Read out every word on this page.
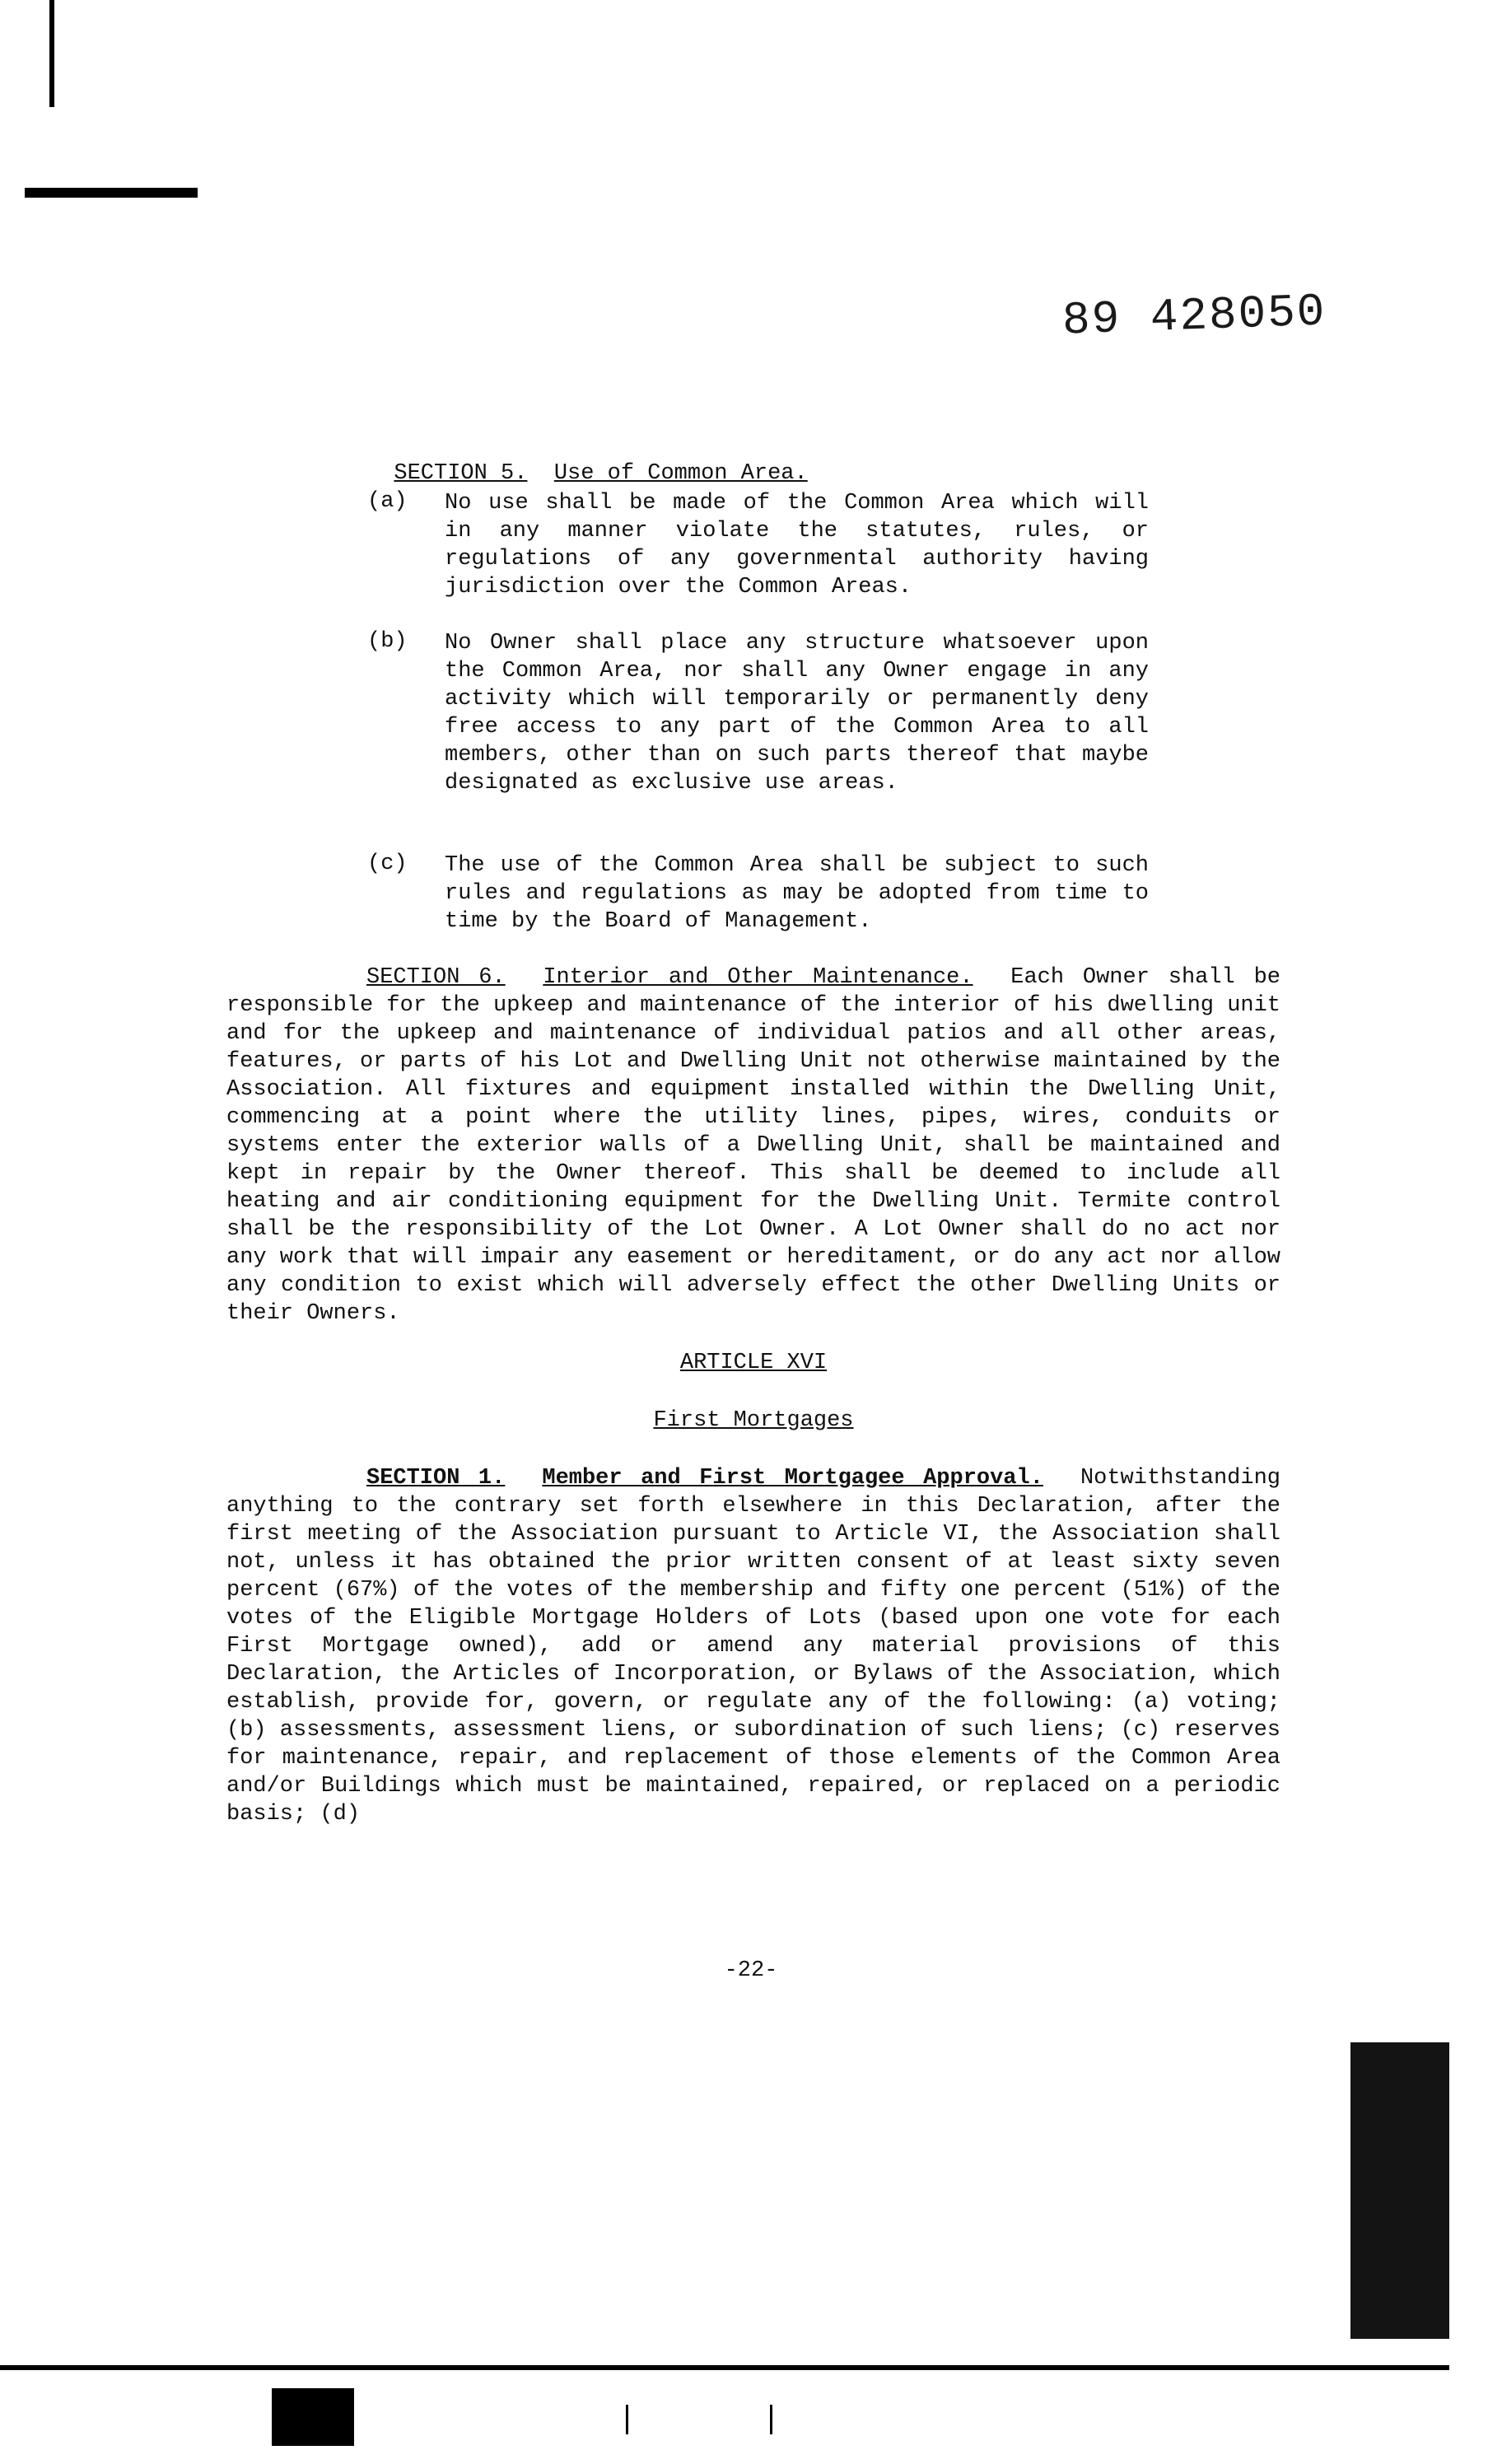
89 428050

SECTION 5. Use of Common Area.

(a) No use shall be made of the Common Area which will in any manner violate the statutes, rules, or regulations of any governmental authority having jurisdiction over the Common Areas.
(b) No Owner shall place any structure whatsoever upon the Common Area, nor shall any Owner engage in any activity which will temporarily or permanently deny free access to any part of the Common Area to all members, other than on such parts thereof that maybe designated as exclusive use areas.
(c) The use of the Common Area shall be subject to such rules and regulations as may be adopted from time to time by the Board of Management.
SECTION 6. Interior and Other Maintenance. Each Owner shall be responsible for the upkeep and maintenance of the interior of his dwelling unit and for the upkeep and maintenance of individual patios and all other areas, features, or parts of his Lot and Dwelling Unit not otherwise maintained by the Association. All fixtures and equipment installed within the Dwelling Unit, commencing at a point where the utility lines, pipes, wires, conduits or systems enter the exterior walls of a Dwelling Unit, shall be maintained and kept in repair by the Owner thereof. This shall be deemed to include all heating and air conditioning equipment for the Dwelling Unit. Termite control shall be the responsibility of the Lot Owner. A Lot Owner shall do no act nor any work that will impair any easement or hereditament, or do any act nor allow any condition to exist which will adversely effect the other Dwelling Units or their Owners.
ARTICLE XVI
First Mortgages
SECTION 1. Member and First Mortgagee Approval. Notwithstanding anything to the contrary set forth elsewhere in this Declaration, after the first meeting of the Association pursuant to Article VI, the Association shall not, unless it has obtained the prior written consent of at least sixty seven percent (67%) of the votes of the membership and fifty one percent (51%) of the votes of the Eligible Mortgage Holders of Lots (based upon one vote for each First Mortgage owned), add or amend any material provisions of this Declaration, the Articles of Incorporation, or Bylaws of the Association, which establish, provide for, govern, or regulate any of the following: (a) voting; (b) assessments, assessment liens, or subordination of such liens; (c) reserves for maintenance, repair, and replacement of those elements of the Common Area and/or Buildings which must be maintained, repaired, or replaced on a periodic basis; (d)
-22-
